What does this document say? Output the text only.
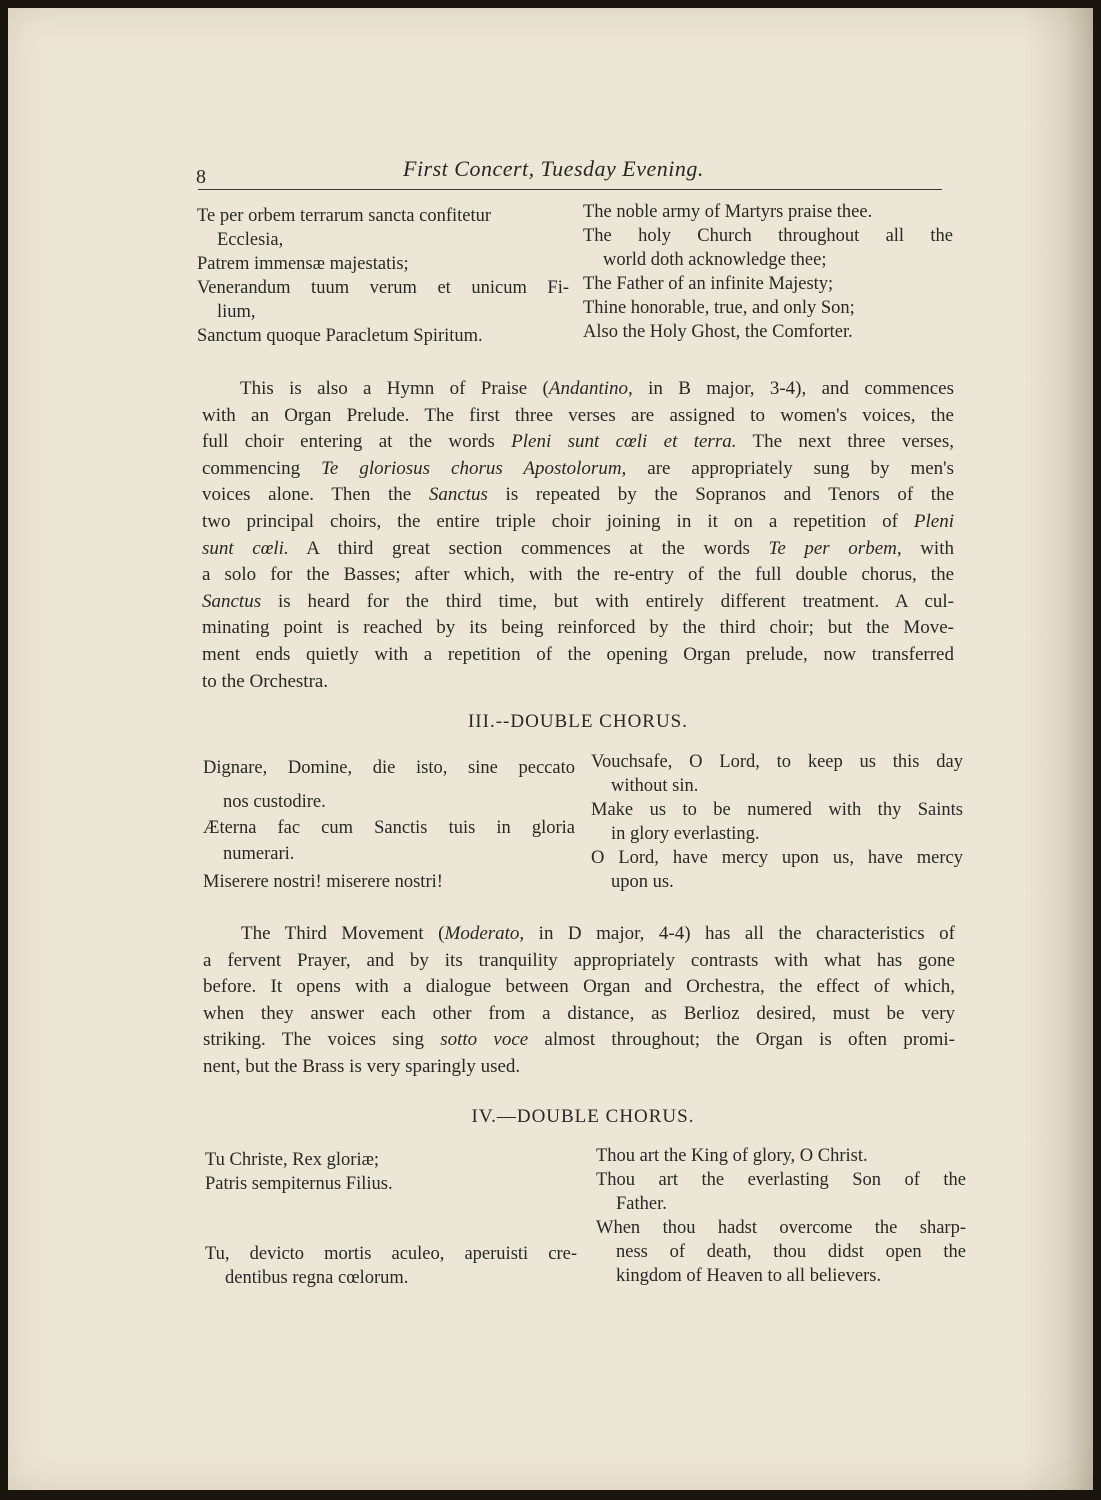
8	First Concert, Tuesday Evening.
Te per orbem terrarum sancta confitetur
Ecclesia,
Patrem immensæ majestatis;
Venerandum tuum verum et unicum Fi-
lium,
Sanctum quoque Paracletum Spiritum.
The noble army of Martyrs praise thee.
The holy Church throughout all the
world doth acknowledge thee;
The Father of an infinite Majesty;
Thine honorable, true, and only Son;
Also the Holy Ghost, the Comforter.
This is also a Hymn of Praise (Andantino, in B major, 3-4), and commences
with an Organ Prelude. The first three verses are assigned to women's voices, the
full choir entering at the words Pleni sunt cœli et terra. The next three verses,
commencing Te gloriosus chorus Apostolorum, are appropriately sung by men's
voices alone. Then the Sanctus is repeated by the Sopranos and Tenors of the
two principal choirs, the entire triple choir joining in it on a repetition of Pleni
sunt cœli. A third great section commences at the words Te per orbem, with
a solo for the Basses; after which, with the re-entry of the full double chorus, the
Sanctus is heard for the third time, but with entirely different treatment. A cul-
minating point is reached by its being reinforced by the third choir; but the Move-
ment ends quietly with a repetition of the opening Organ prelude, now transferred
to the Orchestra.
III.--DOUBLE CHORUS.
Dignare, Domine, die isto, sine peccato
nos custodire.
Æterna fac cum Sanctis tuis in gloria
numerari.
Miserere nostri! miserere nostri!
Vouchsafe, O Lord, to keep us this day
without sin.
Make us to be numered with thy Saints
in glory everlasting.
O Lord, have mercy upon us, have mercy
upon us.
The Third Movement (Moderato, in D major, 4-4) has all the characteristics of
a fervent Prayer, and by its tranquility appropriately contrasts with what has gone
before. It opens with a dialogue between Organ and Orchestra, the effect of which,
when they answer each other from a distance, as Berlioz desired, must be very
striking. The voices sing sotto voce almost throughout; the Organ is often promi-
nent, but the Brass is very sparingly used.
IV.—DOUBLE CHORUS.
Tu Christe, Rex gloriæ;
Patris sempiternus Filius.
Tu, devicto mortis aculeo, aperuisti cre-
dentibus regna cœlorum.
Thou art the King of glory, O Christ.
Thou art the everlasting Son of the
Father.
When thou hadst overcome the sharp-
ness of death, thou didst open the
kingdom of Heaven to all believers.
